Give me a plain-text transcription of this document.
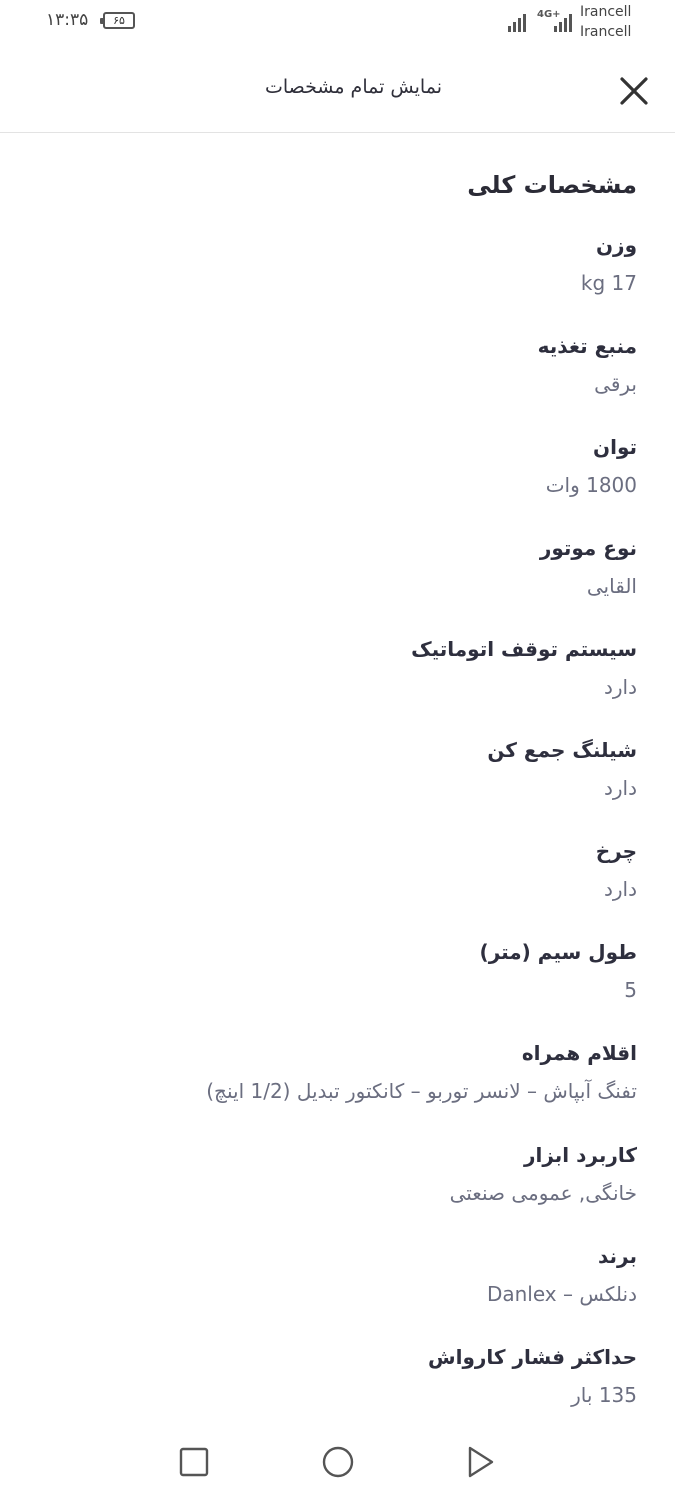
۱۳:۳۵	۶۵	4G+ Irancell
Irancell
نمایش تمام مشخصات
مشخصات کلی
وزن
17 kg
منبع تغذیه
برقی
توان
1800 وات
نوع موتور
القایی
سیستم توقف اتوماتیک
دارد
شیلنگ جمع کن
دارد
چرخ
دارد
طول سیم (متر)
5
اقلام همراه
تفنگ آبپاش – لانسر توربو – کانکتور تبدیل (1/2 اینچ)
کاربرد ابزار
خانگی, عمومی صنعتی
برند
دنلکس – Danlex
حداکثر فشار کارواش
135 بار
